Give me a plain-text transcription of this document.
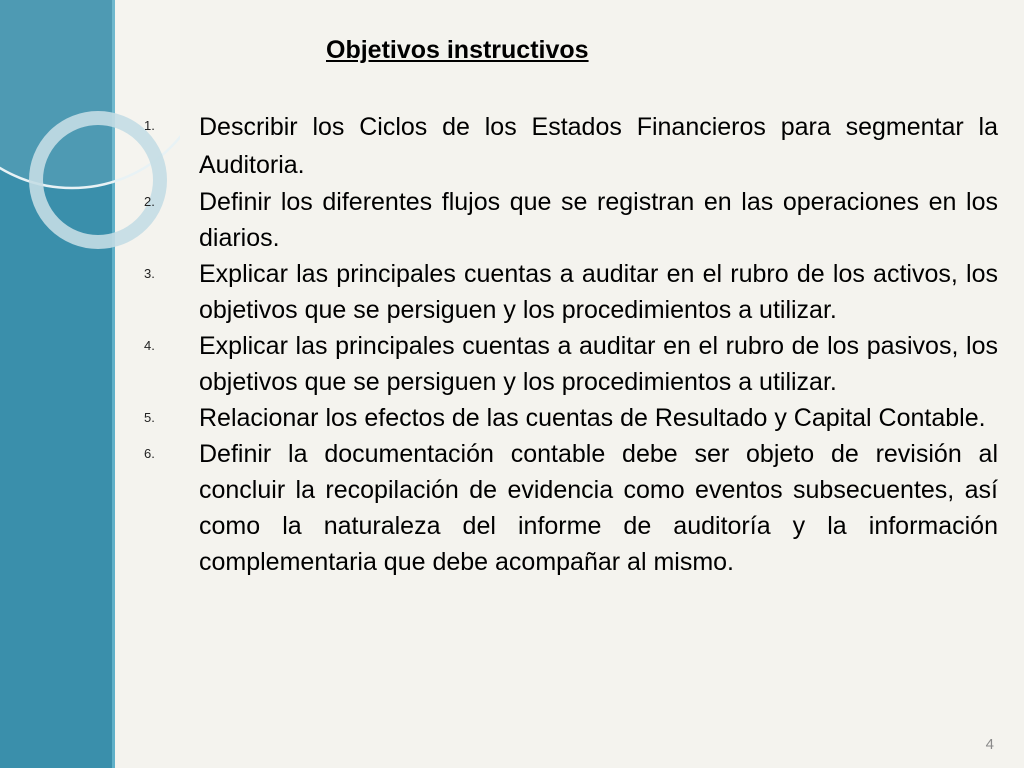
Objetivos instructivos
1. Describir los Ciclos de los Estados Financieros para segmentar la Auditoria.
2. Definir los diferentes flujos que se registran en las operaciones en los diarios.
3. Explicar las principales cuentas a auditar en el rubro de los activos, los objetivos que se persiguen y los procedimientos a utilizar.
4. Explicar las principales cuentas a auditar en el rubro de los pasivos, los objetivos que se persiguen y los procedimientos a utilizar.
5. Relacionar los efectos de las cuentas de Resultado y Capital Contable.
6. Definir la documentación contable debe ser objeto de revisión al concluir la recopilación de evidencia como eventos subsecuentes, así como la naturaleza del informe de auditoría y la información complementaria que debe acompañar al mismo.
4
